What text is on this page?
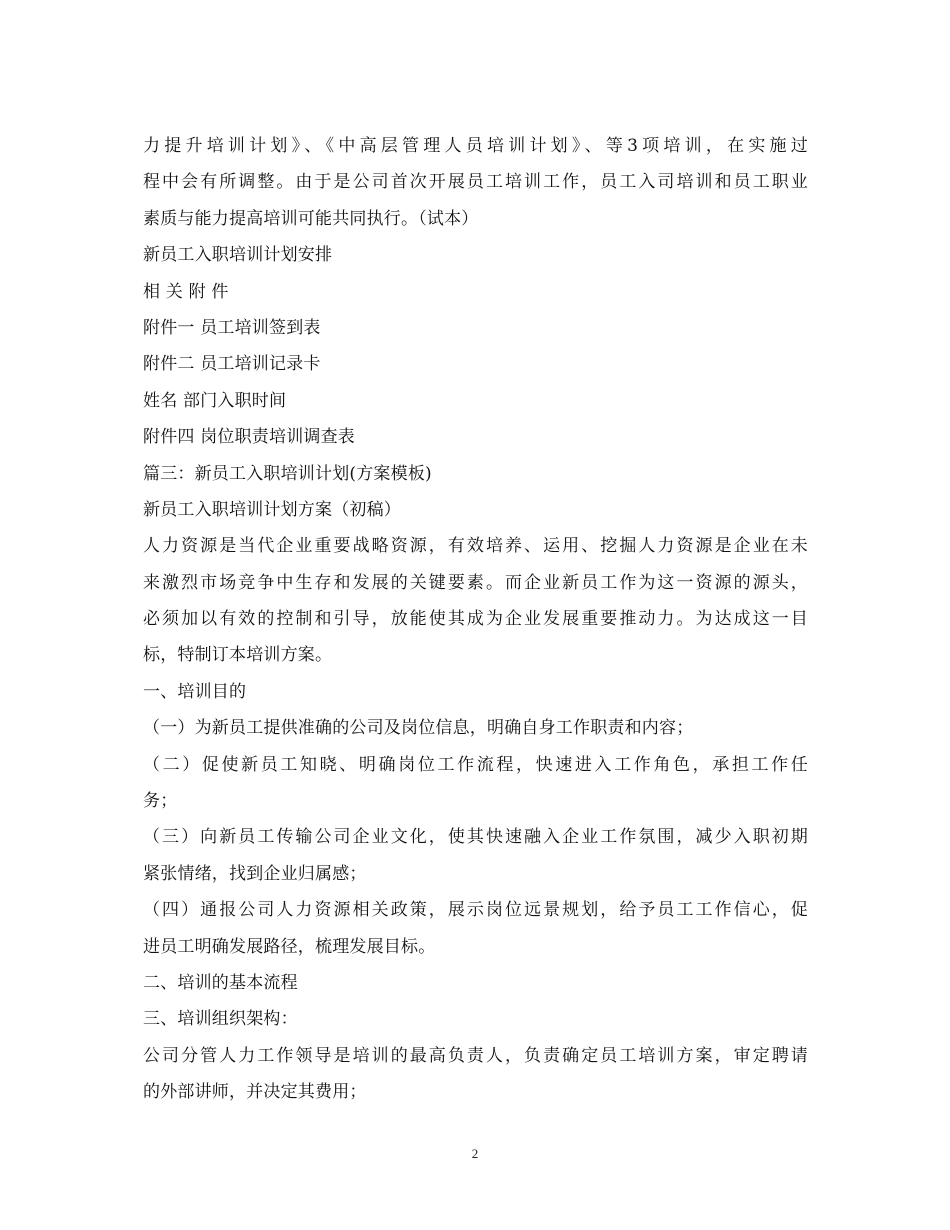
力提升培训计划》、《中高层管理人员培训计划》、等3项培训，在实施过
程中会有所调整。由于是公司首次开展员工培训工作，员工入司培训和员工职业
素质与能力提高培训可能共同执行。（试本）
新员工入职培训计划安排
相 关 附 件
附件一 员工培训签到表
附件二 员工培训记录卡
姓名 部门入职时间
附件四 岗位职责培训调查表
篇三：新员工入职培训计划(方案模板)
新员工入职培训计划方案（初稿）
人力资源是当代企业重要战略资源，有效培养、运用、挖掘人力资源是企业在未
来激烈市场竞争中生存和发展的关键要素。而企业新员工作为这一资源的源头，
必须加以有效的控制和引导，放能使其成为企业发展重要推动力。为达成这一目
标，特制订本培训方案。
一、培训目的
（一）为新员工提供准确的公司及岗位信息，明确自身工作职责和内容；
（二）促使新员工知晓、明确岗位工作流程，快速进入工作角色，承担工作任
务；
（三）向新员工传输公司企业文化，使其快速融入企业工作氛围，减少入职初期
紧张情绪，找到企业归属感；
（四）通报公司人力资源相关政策，展示岗位远景规划，给予员工工作信心，促
进员工明确发展路径，梳理发展目标。
二、培训的基本流程
三、培训组织架构：
公司分管人力工作领导是培训的最高负责人，负责确定员工培训方案，审定聘请
的外部讲师，并决定其费用；
2
